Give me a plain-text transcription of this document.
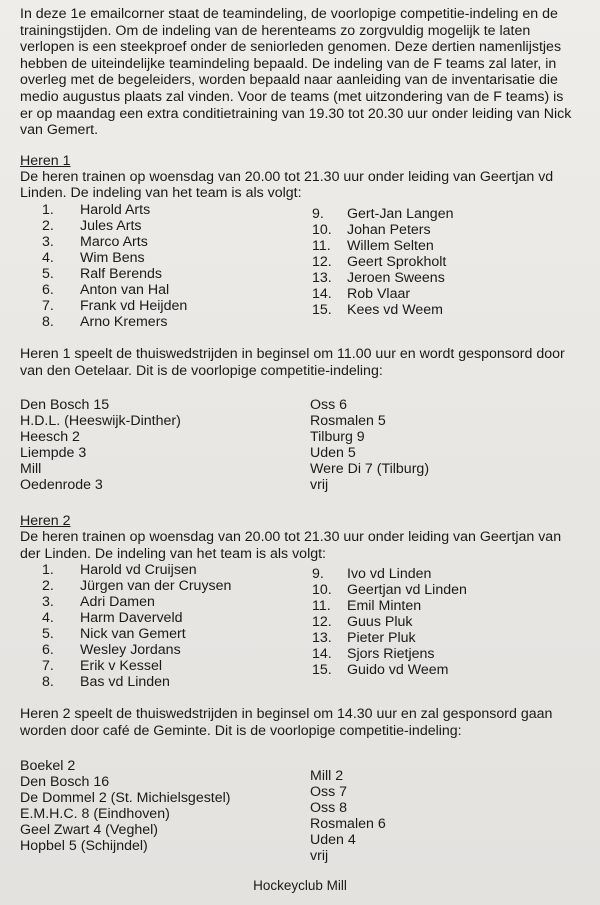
In deze 1e emailcorner staat de teamindeling, de voorlopige competitie-indeling en de trainingstijden. Om de indeling van de herenteams zo zorgvuldig mogelijk te laten verlopen is een steekproef onder de seniorleden genomen. Deze dertien namenlijstjes hebben de uiteindelijke teamindeling bepaald. De indeling van de F teams zal later, in overleg met de begeleiders, worden bepaald naar aanleiding van de inventarisatie die medio augustus plaats zal vinden. Voor de teams (met uitzondering van de F teams) is er op maandag een extra conditietraining van 19.30 tot 20.30 uur onder leiding van Nick van Gemert.

Heren 1

De heren trainen op woensdag van 20.00 tot 21.30 uur onder leiding van Geertjan vd Linden. De indeling van het team is als volgt:

1.	Harold Arts
2.	Jules Arts
3.	Marco Arts
4.	Wim Bens
5.	Ralf Berends
6.	Anton van Hal
7.	Frank vd Heijden
8.	Arno Kremers
9.	Gert-Jan Langen
10.	Johan Peters
11.	Willem Selten
12.	Geert Sprokholt
13.	Jeroen Sweens
14.	Rob Vlaar
15.	Kees vd Weem

Heren 1 speelt de thuiswedstrijden in beginsel om 11.00 uur en wordt gesponsord door van den Oetelaar. Dit is de voorlopige competitie-indeling:

Den Bosch 15
H.D.L. (Heeswijk-Dinther)
Heesch 2
Liempde 3
Mill
Oedenrode 3
Oss 6
Rosmalen 5
Tilburg 9
Uden 5
Were Di 7 (Tilburg)
vrij

Heren 2

De heren trainen op woensdag van 20.00 tot 21.30 uur onder leiding van Geertjan van der Linden. De indeling van het team is als volgt:

1.	Harold vd Cruijsen
2.	Jürgen van der Cruysen
3.	Adri Damen
4.	Harm Daverveld
5.	Nick van Gemert
6.	Wesley Jordans
7.	Erik v Kessel
8.	Bas vd Linden
9.	Ivo vd Linden
10.	Geertjan vd Linden
11.	Emil Minten
12.	Guus Pluk
13.	Pieter Pluk
14.	Sjors Rietjens
15.	Guido vd Weem

Heren 2 speelt de thuiswedstrijden in beginsel om 14.30 uur en zal gesponsord gaan worden door café de Geminte. Dit is de voorlopige competitie-indeling:

Boekel 2
Den Bosch 16
De Dommel 2 (St. Michielsgestel)
E.M.H.C. 8 (Eindhoven)
Geel Zwart 4 (Veghel)
Hopbel 5 (Schijndel)
Mill 2
Oss 7
Oss 8
Rosmalen 6
Uden 4
vrij
Hockeyclub Mill
